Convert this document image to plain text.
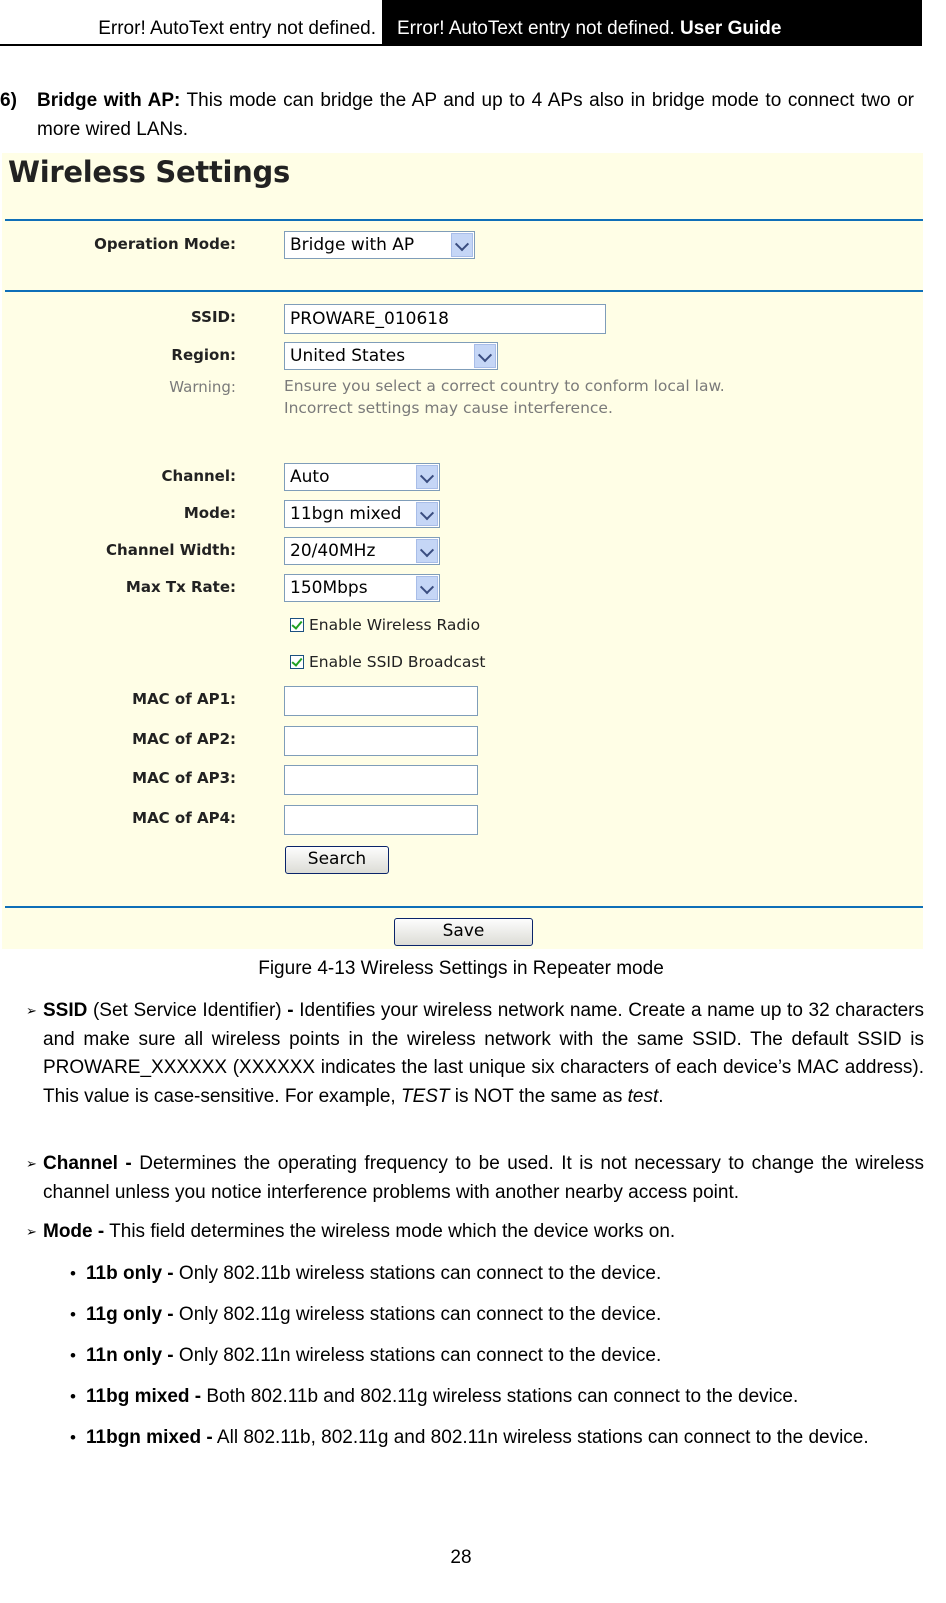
Error! AutoText entry not defined.	Error! AutoText entry not defined. User Guide
6) Bridge with AP: This mode can bridge the AP and up to 4 APs also in bridge mode to connect two or more wired LANs.
Wireless Settings
Operation Mode:	Bridge with AP
SSID:	PROWARE_010618
Region:	United States
Warning:	Ensure you select a correct country to conform local law.
Incorrect settings may cause interference.
Channel:	Auto
Mode:	11bgn mixed
Channel Width:	20/40MHz
Max Tx Rate:	150Mbps
Enable Wireless Radio
Enable SSID Broadcast
MAC of AP1:
MAC of AP2:
MAC of AP3:
MAC of AP4:
Search
Save
Figure 4-13 Wireless Settings in Repeater mode
➢ SSID (Set Service Identifier) - Identifies your wireless network name. Create a name up to 32 characters and make sure all wireless points in the wireless network with the same SSID. The default SSID is PROWARE_XXXXXX (XXXXXX indicates the last unique six characters of each device’s MAC address). This value is case-sensitive. For example, TEST is NOT the same as test.
➢ Channel - Determines the operating frequency to be used. It is not necessary to change the wireless channel unless you notice interference problems with another nearby access point.
➢ Mode - This field determines the wireless mode which the device works on.
• 11b only - Only 802.11b wireless stations can connect to the device.
• 11g only - Only 802.11g wireless stations can connect to the device.
• 11n only - Only 802.11n wireless stations can connect to the device.
• 11bg mixed - Both 802.11b and 802.11g wireless stations can connect to the device.
• 11bgn mixed - All 802.11b, 802.11g and 802.11n wireless stations can connect to the device.
28
